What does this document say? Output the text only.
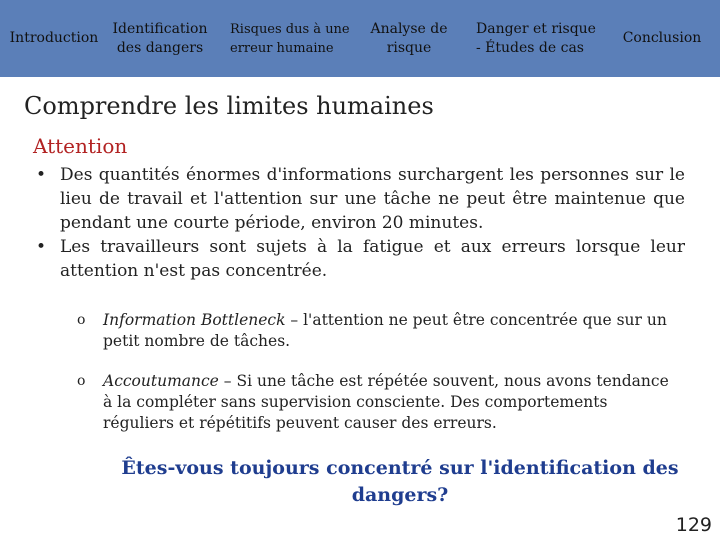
Introduction
Identification
des dangers
Risques dus à une
erreur humaine
Analyse de
risque
Danger et risque
- Études de cas
Conclusion
Comprendre les limites humaines
Attention
• Des quantités énormes d'informations surchargent les personnes sur le lieu de travail et l'attention sur une tâche ne peut être maintenue que pendant une courte période, environ 20 minutes.
• Les travailleurs sont sujets à la fatigue et aux erreurs lorsque leur attention n'est pas concentrée.
o Information Bottleneck – l'attention ne peut être concentrée que sur un petit nombre de tâches.
o Accoutumance – Si une tâche est répétée souvent, nous avons tendance à la compléter sans supervision consciente. Des comportements réguliers et répétitifs peuvent causer des erreurs.
Êtes-vous toujours concentré sur l'identification des dangers?
129
